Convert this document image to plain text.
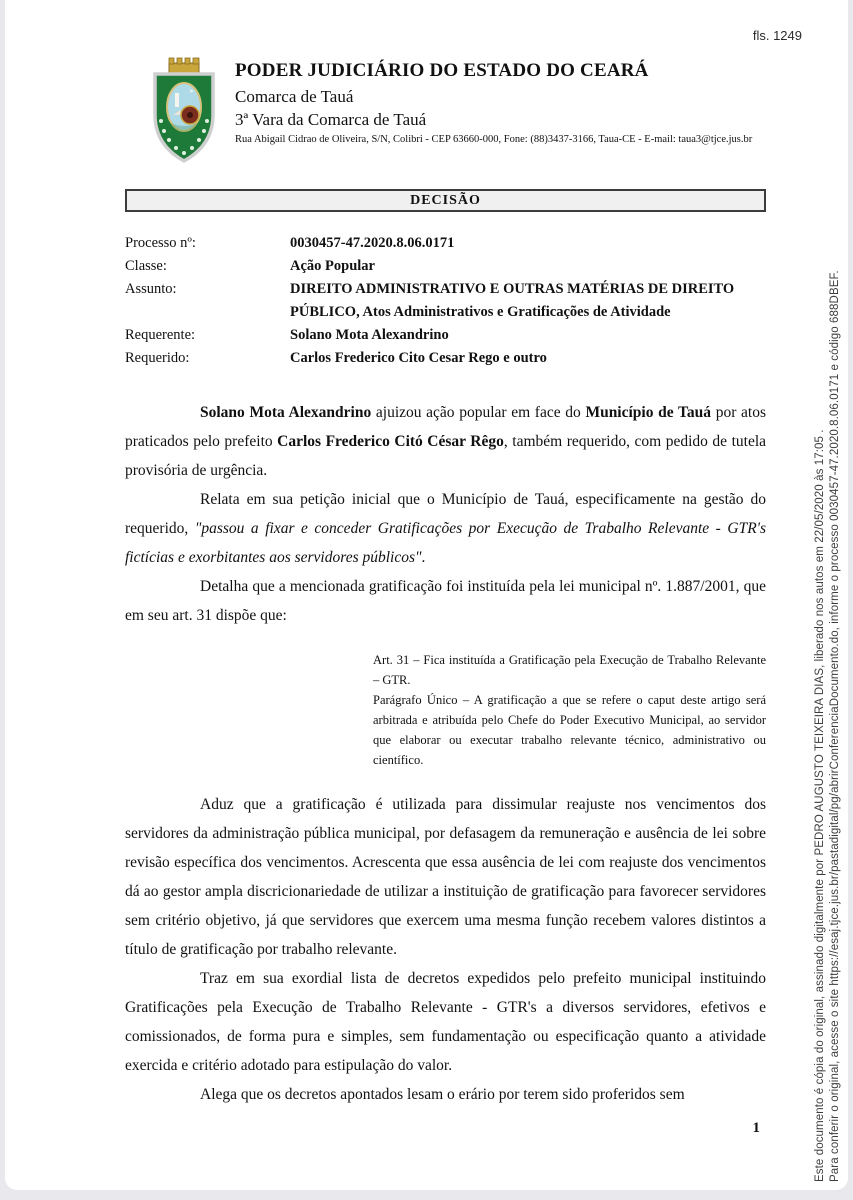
fls. 1249
PODER JUDICIÁRIO DO ESTADO DO CEARÁ
Comarca de Tauá
3ª Vara da Comarca de Tauá
Rua Abigail Cidrao de Oliveira, S/N, Colibri - CEP 63660-000, Fone: (88)3437-3166, Taua-CE - E-mail: taua3@tjce.jus.br
DECISÃO
Processo nº:	0030457-47.2020.8.06.0171
Classe:	Ação Popular
Assunto:	DIREITO ADMINISTRATIVO E OUTRAS MATÉRIAS DE DIREITO PÚBLICO, Atos Administrativos e Gratificações de Atividade
Requerente:	Solano Mota Alexandrino
Requerido:	Carlos Frederico Cito Cesar Rego e outro

Solano Mota Alexandrino ajuizou ação popular em face do Município de Tauá por atos praticados pelo prefeito Carlos Frederico Citó César Rêgo, também requerido, com pedido de tutela provisória de urgência.

Relata em sua petição inicial que o Município de Tauá, especificamente na gestão do requerido, "passou a fixar e conceder Gratificações por Execução de Trabalho Relevante - GTR's fictícias e exorbitantes aos servidores públicos".

Detalha que a mencionada gratificação foi instituída pela lei municipal nº. 1.887/2001, que em seu art. 31 dispõe que:

Art. 31 – Fica instituída a Gratificação pela Execução de Trabalho Relevante – GTR.
Parágrafo Único – A gratificação a que se refere o caput deste artigo será arbitrada e atribuída pelo Chefe do Poder Executivo Municipal, ao servidor que elaborar ou executar trabalho relevante técnico, administrativo ou científico.

Aduz que a gratificação é utilizada para dissimular reajuste nos vencimentos dos servidores da administração pública municipal, por defasagem da remuneração e ausência de lei sobre revisão específica dos vencimentos. Acrescenta que essa ausência de lei com reajuste dos vencimentos dá ao gestor ampla discricionariedade de utilizar a instituição de gratificação para favorecer servidores sem critério objetivo, já que servidores que exercem uma mesma função recebem valores distintos a título de gratificação por trabalho relevante.

Traz em sua exordial lista de decretos expedidos pelo prefeito municipal instituindo Gratificações pela Execução de Trabalho Relevante - GTR's a diversos servidores, efetivos e comissionados, de forma pura e simples, sem fundamentação ou especificação quanto a atividade exercida e critério adotado para estipulação do valor.

Alega que os decretos apontados lesam o erário por terem sido proferidos sem

1	Este documento é cópia do original, assinado digitalmente por PEDRO AUGUSTO TEIXEIRA DIAS, liberado nos autos em 22/05/2020 às 17:05 . Para conferir o original, acesse o site https://esaj.tjce.jus.br/pastadigital/pg/abrirConferenciaDocumento.do, informe o processo 0030457-47.2020.8.06.0171 e código 688DBEF.
